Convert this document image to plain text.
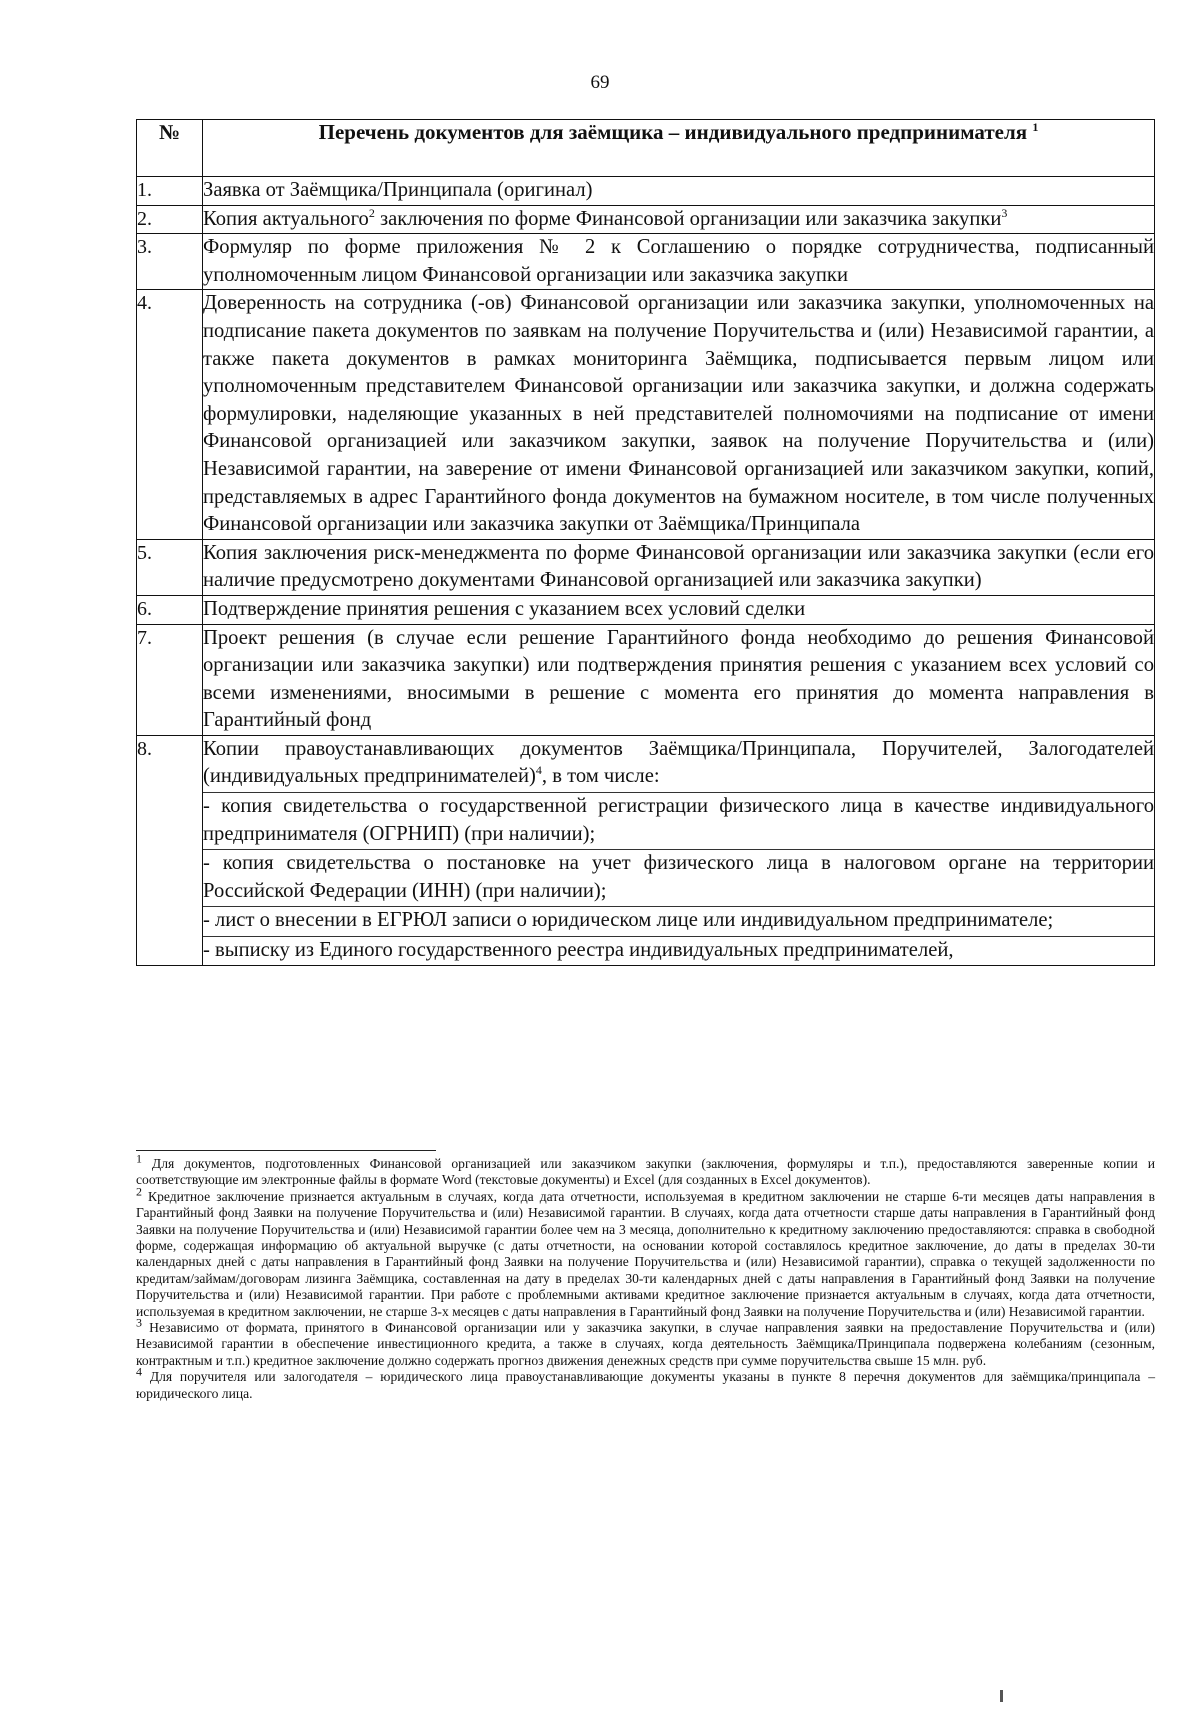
69
№	Перечень документов для заёмщика – индивидуального предпринимателя $^1$
1.	Заявка от Заёмщика/Принципала (оригинал)
2.	Копия актуального$^2$ заключения по форме Финансовой организации или заказчика закупки$^3$
3.	Формуляр по форме приложения № 2 к Соглашению о порядке сотрудничества, подписанный уполномоченным лицом Финансовой организации или заказчика закупки
4.	Доверенность на сотрудника (-ов) Финансовой организации или заказчика закупки, уполномоченных на подписание пакета документов по заявкам на получение Поручительства и (или) Независимой гарантии, а также пакета документов в рамках мониторинга Заёмщика, подписывается первым лицом или уполномоченным представителем Финансовой организации или заказчика закупки, и должна содержать формулировки, наделяющие указанных в ней представителей полномочиями на подписание от имени Финансовой организацией или заказчиком закупки, заявок на получение Поручительства и (или) Независимой гарантии, на заверение от имени Финансовой организацией или заказчиком закупки, копий, представляемых в адрес Гарантийного фонда документов на бумажном носителе, в том числе полученных Финансовой организации или заказчика закупки от Заёмщика/Принципала
5.	Копия заключения риск-менеджмента по форме Финансовой организации или заказчика закупки (если его наличие предусмотрено документами Финансовой организацией или заказчика закупки)
6.	Подтверждение принятия решения с указанием всех условий сделки
7.	Проект решения (в случае если решение Гарантийного фонда необходимо до решения Финансовой организации или заказчика закупки) или подтверждения принятия решения с указанием всех условий со всеми изменениями, вносимыми в решение с момента его принятия до момента направления в Гарантийный фонд
8.	Копии правоустанавливающих документов Заёмщика/Принципала, Поручителей, Залогодателей (индивидуальных предпринимателей)$^4$, в том числе:

- копия свидетельства о государственной регистрации физического лица в качестве индивидуального предпринимателя (ОГРНИП) (при наличии);

- копия свидетельства о постановке на учет физического лица в налоговом органе на территории Российской Федерации (ИНН) (при наличии);

- лист о внесении в ЕГРЮЛ записи о юридическом лице или индивидуальном предпринимателе;

- выписку из Единого государственного реестра индивидуальных предпринимателей,

$^1$ Для документов, подготовленных Финансовой организацией или заказчиком закупки (заключения, формуляры и т.п.), предоставляются заверенные копии и соответствующие им электронные файлы в формате Word (текстовые документы) и Excel (для созданных в Excel документов).

$^2$ Кредитное заключение признается актуальным в случаях, когда дата отчетности, используемая в кредитном заключении не старше 6-ти месяцев даты направления в Гарантийный фонд Заявки на получение Поручительства и (или) Независимой гарантии. В случаях, когда дата отчетности старше даты направления в Гарантийный фонд Заявки на получение Поручительства и (или) Независимой гарантии более чем на 3 месяца, дополнительно к кредитному заключению предоставляются: справка в свободной форме, содержащая информацию об актуальной выручке (с даты отчетности, на основании которой составлялось кредитное заключение, до даты в пределах 30-ти календарных дней с даты направления в Гарантийный фонд Заявки на получение Поручительства и (или) Независимой гарантии), справка о текущей задолженности по кредитам/займам/договорам лизинга Заёмщика, составленная на дату в пределах 30-ти календарных дней с даты направления в Гарантийный фонд Заявки на получение Поручительства и (или) Независимой гарантии. При работе с проблемными активами кредитное заключение признается актуальным в случаях, когда дата отчетности, используемая в кредитном заключении, не старше 3-х месяцев с даты направления в Гарантийный фонд Заявки на получение Поручительства и (или) Независимой гарантии.

$^3$ Независимо от формата, принятого в Финансовой организации или у заказчика закупки, в случае направления заявки на предоставление Поручительства и (или) Независимой гарантии в обеспечение инвестиционного кредита, а также в случаях, когда деятельность Заёмщика/Принципала подвержена колебаниям (сезонным, контрактным и т.п.) кредитное заключение должно содержать прогноз движения денежных средств при сумме поручительства свыше 15 млн. руб.

$^4$ Для поручителя или залогодателя – юридического лица правоустанавливающие документы указаны в пункте 8 перечня документов для заёмщика/принципала – юридического лица.
